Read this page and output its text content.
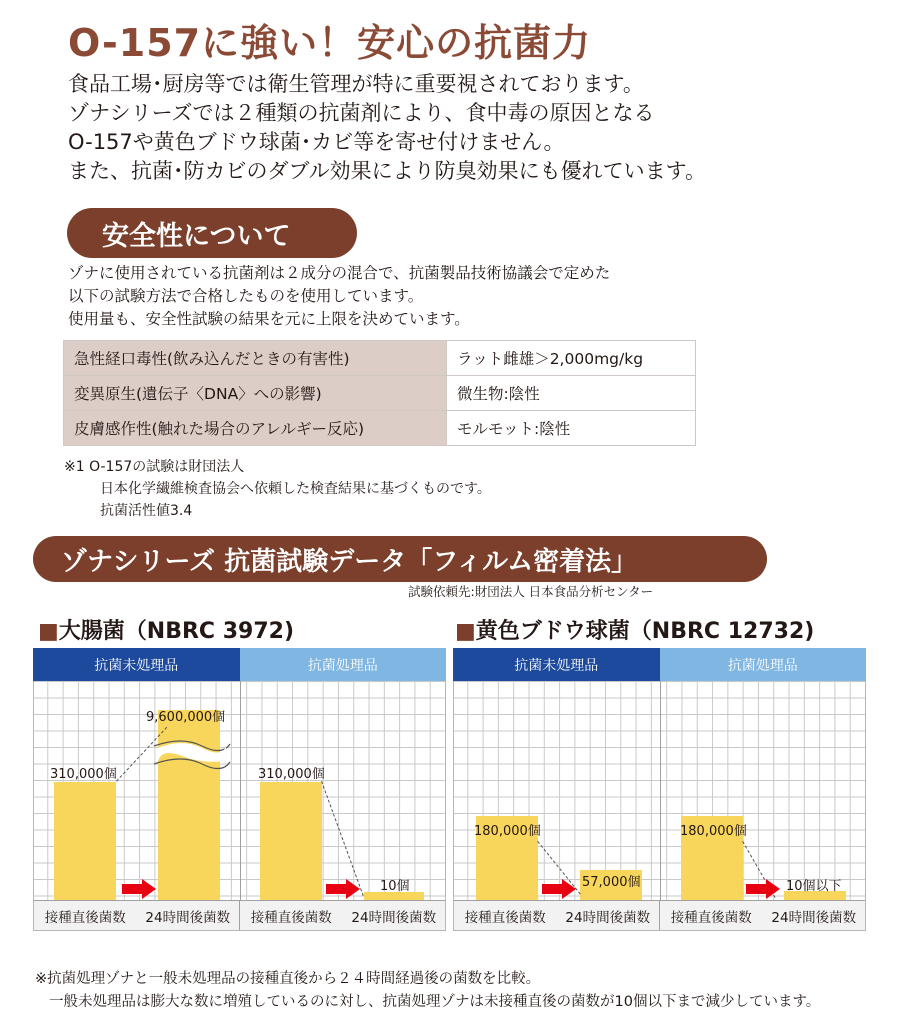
O-157に強い！安心の抗菌力
食品工場･厨房等では衛生管理が特に重要視されております。
ゾナシリーズでは２種類の抗菌剤により、食中毒の原因となる
O-157や黄色ブドウ球菌･カビ等を寄せ付けません。
また、抗菌･防カビのダブル効果により防臭効果にも優れています。
安全性について
ゾナに使用されている抗菌剤は２成分の混合で、抗菌製品技術協議会で定めた
以下の試験方法で合格したものを使用しています。
使用量も、安全性試験の結果を元に上限を決めています。
急性経口毒性(飲み込んだときの有害性)	ラット雌雄＞2,000mg/kg
変異原生(遺伝子〈DNA〉への影響)	微生物:陰性
皮膚感作性(触れた場合のアレルギー反応)	モルモット:陰性
※1 O-157の試験は財団法人
日本化学繊維検査協会へ依頼した検査結果に基づくものです。
抗菌活性値3.4
ゾナシリーズ 抗菌試験データ「フィルム密着法」
試験依頼先:財団法人 日本食品分析センター
■大腸菌（NBRC 3972)
抗菌未処理品	抗菌処理品
310,000個
9,600,000個
310,000個
10個
接種直後菌数	24時間後菌数	接種直後菌数	24時間後菌数
■黄色ブドウ球菌（NBRC 12732)
抗菌未処理品	抗菌処理品
180,000個
57,000個
180,000個
10個以下
接種直後菌数	24時間後菌数	接種直後菌数	24時間後菌数
※抗菌処理ゾナと一般未処理品の接種直後から２４時間経過後の菌数を比較。
一般未処理品は膨大な数に増殖しているのに対し、抗菌処理ゾナは未接種直後の菌数が10個以下まで減少しています。
